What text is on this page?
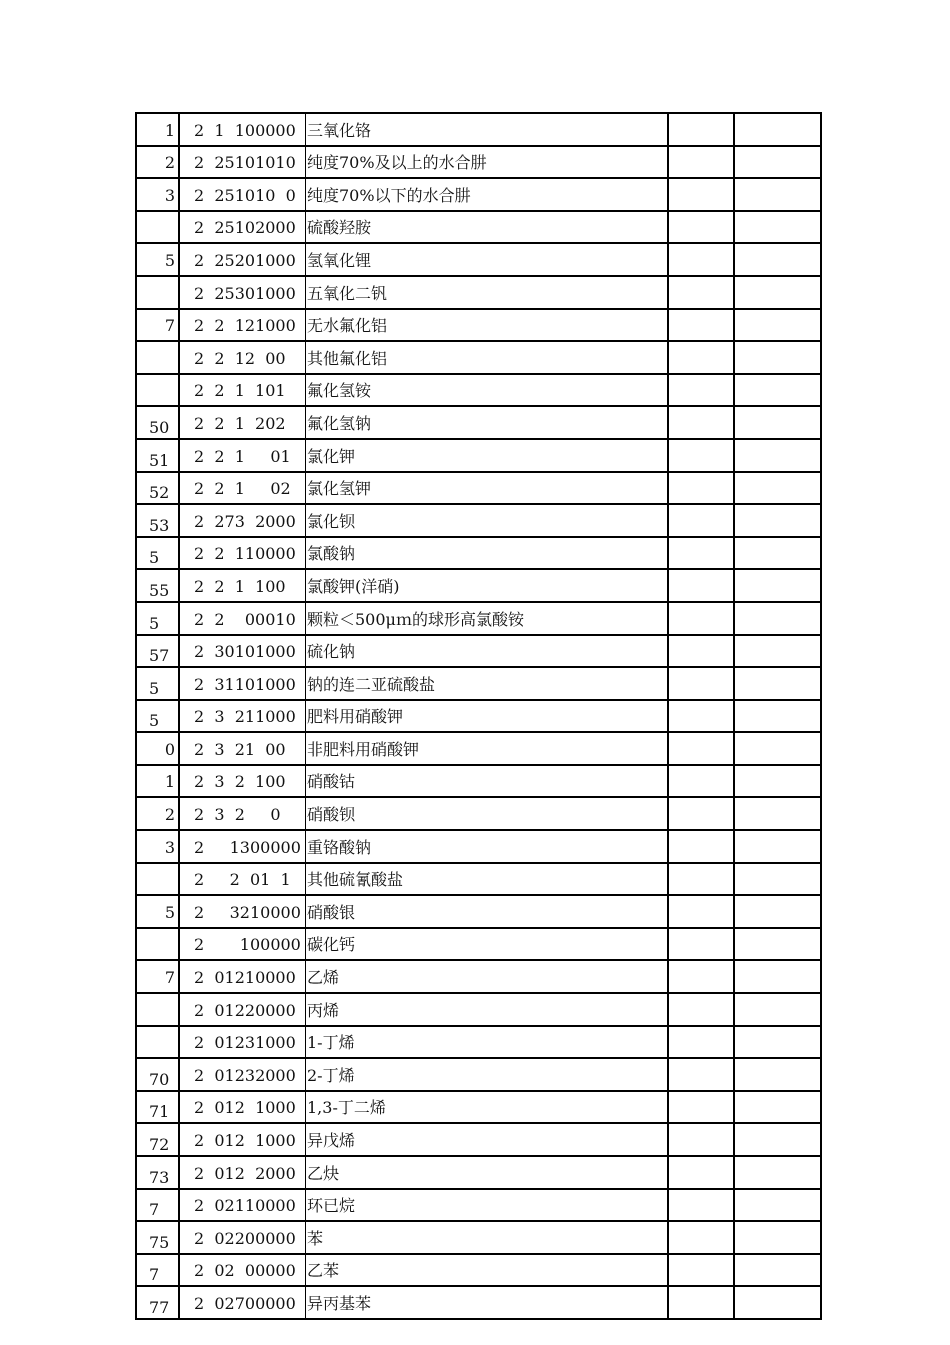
1	2  1  100000	三氧化铬		

2	2  25101010	纯度70%及以上的水合肼		

3	2  251010  0	纯度70%以下的水合肼		

	2  25102000	硫酸羟胺		

5	2  25201000	氢氧化锂		

	2  25301000	五氧化二钒		

7	2  2  121000	无水氟化铝		

	2  2  12  00	其他氟化铝		

	2  2  1  101	氟化氢铵		

50	2  2  1  202	氟化氢钠		

51	2  2  1     01	氯化钾		

52	2  2  1     02	氯化氢钾		

53	2  273  2000	氯化钡		

5	2  2  110000	氯酸钠		

55	2  2  1  100	氯酸钾(洋硝)		

5	2  2    00010	颗粒＜500μｍ的球形高氯酸铵		

57	2  30101000	硫化钠		

5	2  31101000	钠的连二亚硫酸盐		

5	2  3  211000	肥料用硝酸钾		

0	2  3  21  00	非肥料用硝酸钾		

1	2  3  2  100	硝酸钴		

2	2  3  2     0	硝酸钡		

3	2     1300000	重铬酸钠		

	2     2  01  1	其他硫氰酸盐		

5	2     3210000	硝酸银		

	2       100000	碳化钙		

7	2  01210000	乙烯		

	2  01220000	丙烯		

	2  01231000	1-丁烯		

70	2  01232000	2-丁烯		

71	2  012  1000	1,3-丁二烯		

72	2  012  1000	异戊烯		

73	2  012  2000	乙炔		

7	2  02110000	环已烷		

75	2  02200000	苯		

7	2  02  00000	乙苯		

77	2  02700000	异丙基苯		
